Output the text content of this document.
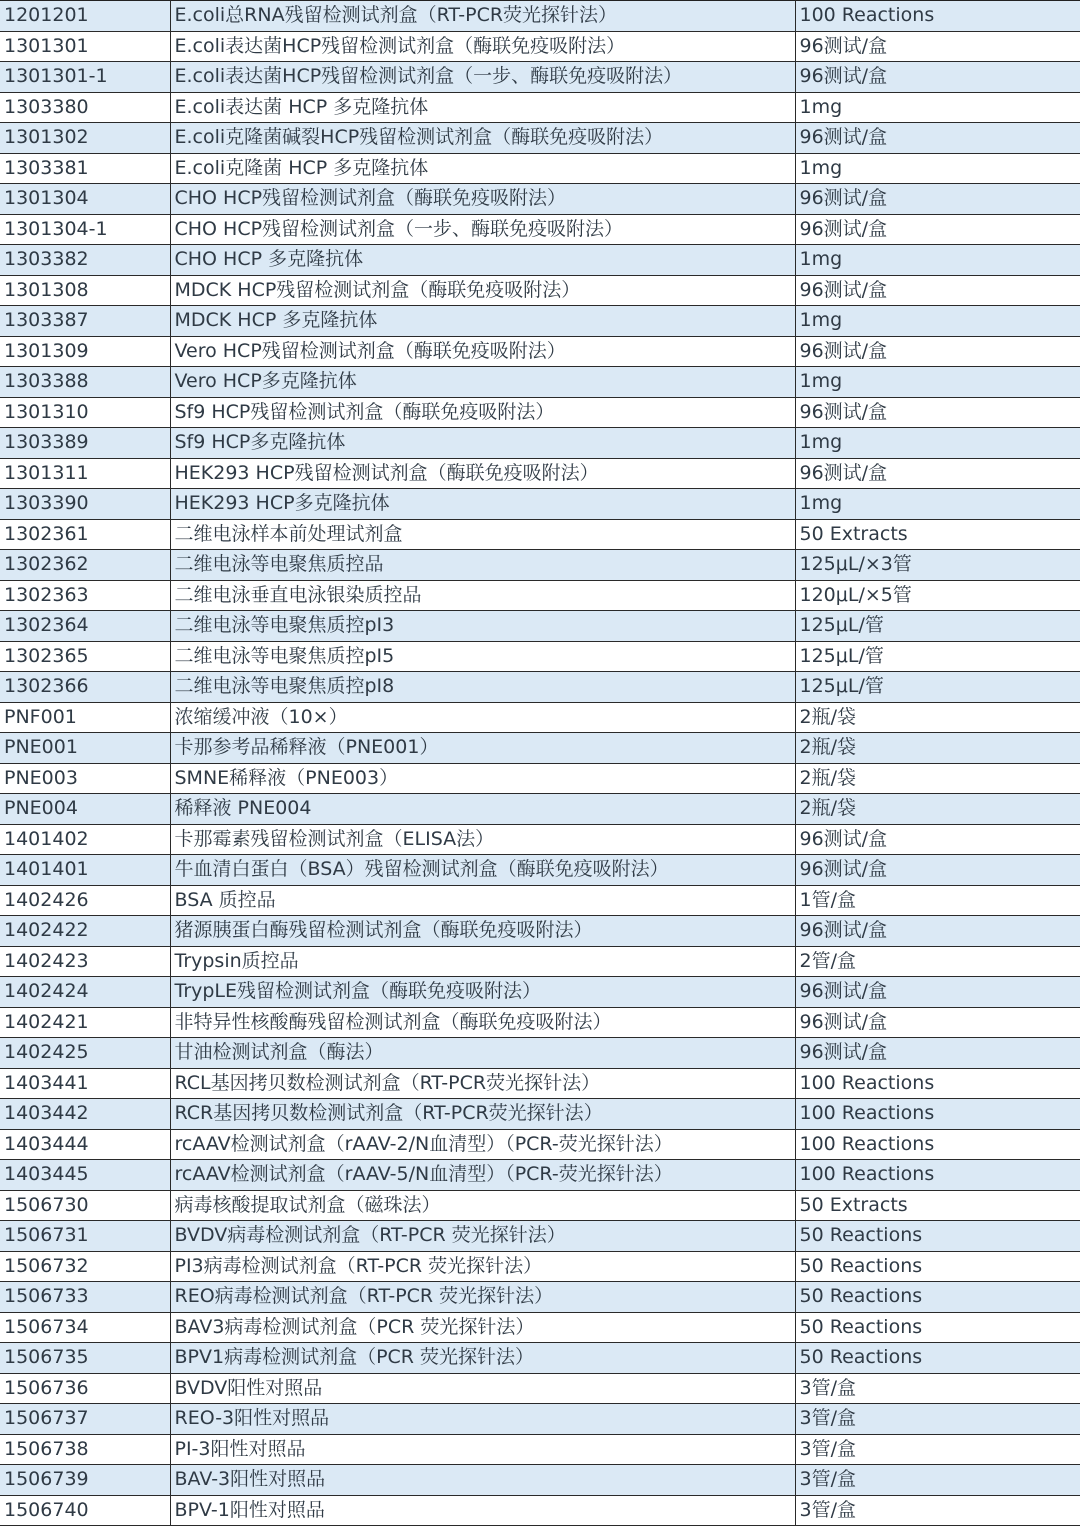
1201201	E.coli总RNA残留检测试剂盒（RT-PCR荧光探针法）	100 Reactions
1301301	E.coli表达菌HCP残留检测试剂盒（酶联免疫吸附法）	96测试/盒
1301301-1	E.coli表达菌HCP残留检测试剂盒（一步、酶联免疫吸附法）	96测试/盒
1303380	E.coli表达菌 HCP 多克隆抗体	1mg
1301302	E.coli克隆菌碱裂HCP残留检测试剂盒（酶联免疫吸附法）	96测试/盒
1303381	E.coli克隆菌 HCP 多克隆抗体	1mg
1301304	CHO HCP残留检测试剂盒（酶联免疫吸附法）	96测试/盒
1301304-1	CHO HCP残留检测试剂盒（一步、酶联免疫吸附法）	96测试/盒
1303382	CHO HCP 多克隆抗体	1mg
1301308	MDCK HCP残留检测试剂盒（酶联免疫吸附法）	96测试/盒
1303387	MDCK HCP 多克隆抗体	1mg
1301309	Vero HCP残留检测试剂盒（酶联免疫吸附法）	96测试/盒
1303388	Vero HCP多克隆抗体	1mg
1301310	Sf9 HCP残留检测试剂盒（酶联免疫吸附法）	96测试/盒
1303389	Sf9 HCP多克隆抗体	1mg
1301311	HEK293 HCP残留检测试剂盒（酶联免疫吸附法）	96测试/盒
1303390	HEK293 HCP多克隆抗体	1mg
1302361	二维电泳样本前处理试剂盒	50 Extracts
1302362	二维电泳等电聚焦质控品	125μL/×3管
1302363	二维电泳垂直电泳银染质控品	120μL/×5管
1302364	二维电泳等电聚焦质控pI3	125μL/管
1302365	二维电泳等电聚焦质控pI5	125μL/管
1302366	二维电泳等电聚焦质控pI8	125μL/管
PNF001	浓缩缓冲液（10×）	2瓶/袋
PNE001	卡那参考品稀释液（PNE001）	2瓶/袋
PNE003	SMNE稀释液（PNE003）	2瓶/袋
PNE004	稀释液 PNE004	2瓶/袋
1401402	卡那霉素残留检测试剂盒（ELISA法）	96测试/盒
1401401	牛血清白蛋白（BSA）残留检测试剂盒（酶联免疫吸附法）	96测试/盒
1402426	BSA 质控品	1管/盒
1402422	猪源胰蛋白酶残留检测试剂盒（酶联免疫吸附法）	96测试/盒
1402423	Trypsin质控品	2管/盒
1402424	TrypLE残留检测试剂盒（酶联免疫吸附法）	96测试/盒
1402421	非特异性核酸酶残留检测试剂盒（酶联免疫吸附法）	96测试/盒
1402425	甘油检测试剂盒（酶法）	96测试/盒
1403441	RCL基因拷贝数检测试剂盒（RT-PCR荧光探针法）	100 Reactions
1403442	RCR基因拷贝数检测试剂盒（RT-PCR荧光探针法）	100 Reactions
1403444	rcAAV检测试剂盒（rAAV-2/N血清型）（PCR-荧光探针法）	100 Reactions
1403445	rcAAV检测试剂盒（rAAV-5/N血清型）（PCR-荧光探针法）	100 Reactions
1506730	病毒核酸提取试剂盒（磁珠法）	50 Extracts
1506731	BVDV病毒检测试剂盒（RT-PCR 荧光探针法）	50 Reactions
1506732	PI3病毒检测试剂盒（RT-PCR 荧光探针法）	50 Reactions
1506733	REO病毒检测试剂盒（RT-PCR 荧光探针法）	50 Reactions
1506734	BAV3病毒检测试剂盒（PCR 荧光探针法）	50 Reactions
1506735	BPV1病毒检测试剂盒（PCR 荧光探针法）	50 Reactions
1506736	BVDV阳性对照品	3管/盒
1506737	REO-3阳性对照品	3管/盒
1506738	PI-3阳性对照品	3管/盒
1506739	BAV-3阳性对照品	3管/盒
1506740	BPV-1阳性对照品	3管/盒
